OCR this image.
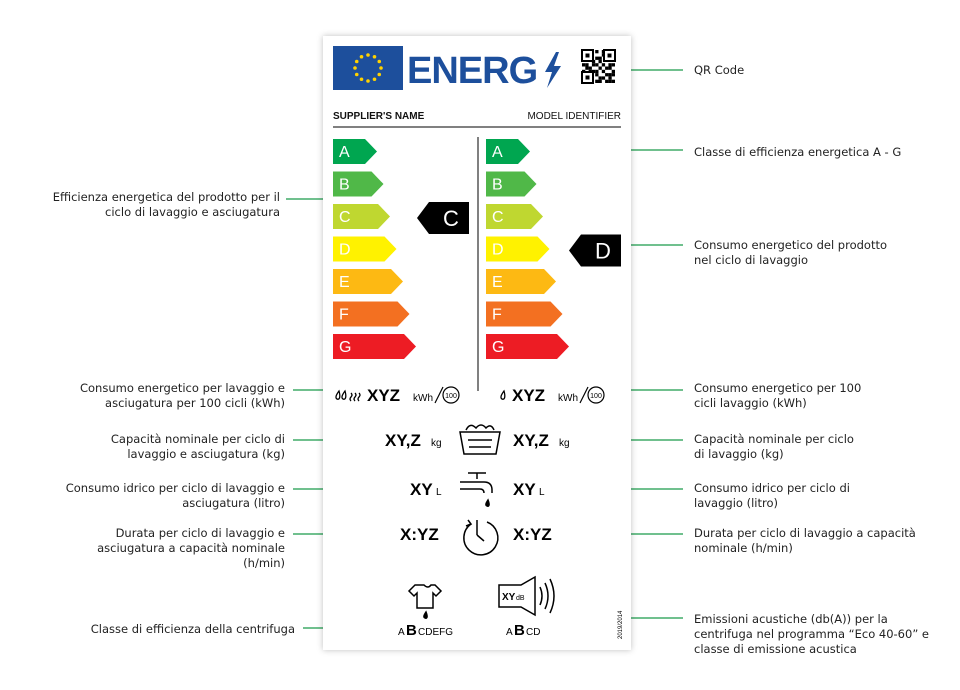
QR Code
Classe di efficienza energetica A - G
Efficienza energetica del prodotto per il ciclo di lavaggio e asciugatura
Consumo energetico del prodotto nel ciclo di lavaggio
Consumo energetico per lavaggio e asciugatura per 100 cicli (kWh)
Consumo energetico per 100 cicli lavaggio (kWh)
Capacità nominale per ciclo di lavaggio e asciugatura (kg)
Capacità nominale per ciclo di lavaggio (kg)
Consumo idrico per ciclo di lavaggio e asciugatura (litro)
Consumo idrico per ciclo di lavaggio (litro)
Durata per ciclo di lavaggio e asciugatura a capacità nominale (h/min)
Durata per ciclo di lavaggio a capacità nominale (h/min)
Classe di efficienza della centrifuga
Emissioni acustiche (db(A)) per la centrifuga nel programma “Eco 40-60” e classe di emissione acustica
ENERG
SUPPLIER'S NAME	MODEL IDENTIFIER
A
B
C
D
E
F
G
A
B
C
D
E
F
G
C
D
XYZ kWh 100	XYZ kWh 100
XY,Z kg	XY,Z kg
XY L	XY L
X:YZ	X:YZ
A B CDEFG
XY dB
A B CD	2019/2014
